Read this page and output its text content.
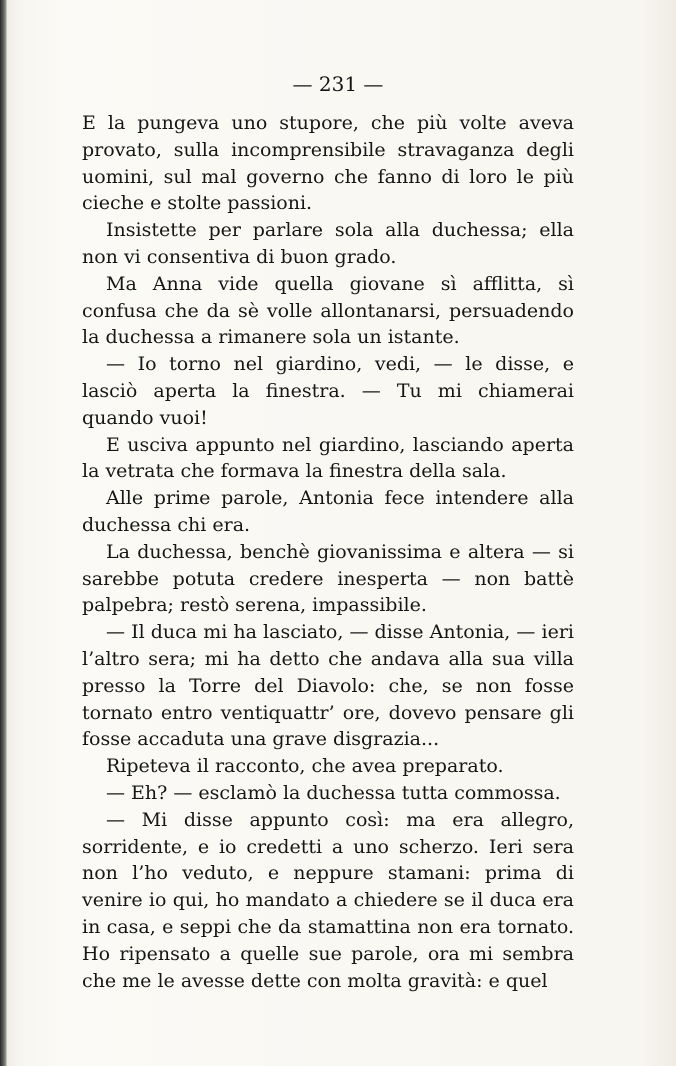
— 231 —

E la pungeva uno stupore, che più volte aveva provato, sulla incomprensibile stravaganza degli uomini, sul mal governo che fanno di loro le più cieche e stolte passioni.

Insistette per parlare sola alla duchessa; ella non vi consentiva di buon grado.

Ma Anna vide quella giovane sì afflitta, sì confusa che da sè volle allontanarsi, persuadendo la duchessa a rimanere sola un istante.

— Io torno nel giardino, vedi, — le disse, e lasciò aperta la finestra. — Tu mi chiamerai quando vuoi!

E usciva appunto nel giardino, lasciando aperta la vetrata che formava la finestra della sala.

Alle prime parole, Antonia fece intendere alla duchessa chi era.

La duchessa, benchè giovanissima e altera — si sarebbe potuta credere inesperta — non battè palpebra; restò serena, impassibile.

— Il duca mi ha lasciato, — disse Antonia, — ieri l’altro sera; mi ha detto che andava alla sua villa presso la Torre del Diavolo: che, se non fosse tornato entro ventiquattr’ ore, dovevo pensare gli fosse accaduta una grave disgrazia...

Ripeteva il racconto, che avea preparato.

— Eh? — esclamò la duchessa tutta commossa.

— Mi disse appunto così: ma era allegro, sorridente, e io credetti a uno scherzo. Ieri sera non l’ho veduto, e neppure stamani: prima di venire io qui, ho mandato a chiedere se il duca era in casa, e seppi che da stamattina non era tornato. Ho ripensato a quelle sue parole, ora mi sembra che me le avesse dette con molta gravità: e quel
